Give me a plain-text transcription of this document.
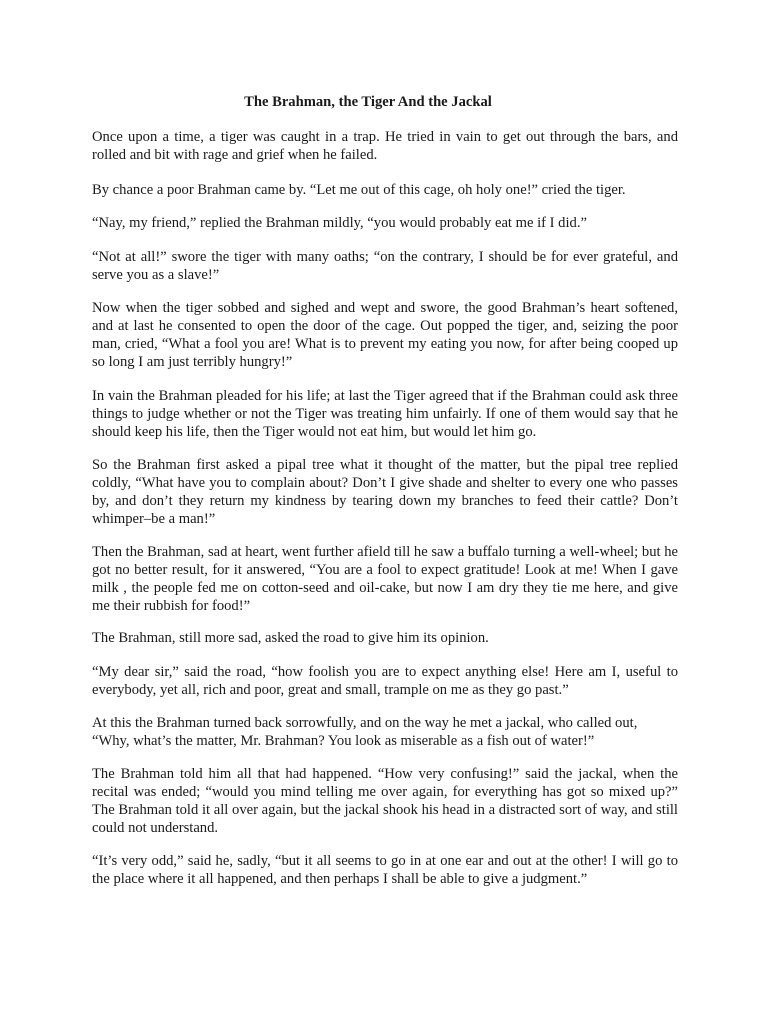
The Brahman, the Tiger And the Jackal

Once upon a time, a tiger was caught in a trap. He tried in vain to get out through the bars, and rolled and bit with rage and grief when he failed.

By chance a poor Brahman came by. “Let me out of this cage, oh holy one!” cried the tiger.

“Nay, my friend,” replied the Brahman mildly, “you would probably eat me if I did.”

“Not at all!” swore the tiger with many oaths; “on the contrary, I should be for ever grateful, and serve you as a slave!”

Now when the tiger sobbed and sighed and wept and swore, the good Brahman’s heart softened, and at last he consented to open the door of the cage. Out popped the tiger, and, seizing the poor man, cried, “What a fool you are! What is to prevent my eating you now, for after being cooped up so long I am just terribly hungry!”

In vain the Brahman pleaded for his life; at last the Tiger agreed that if the Brahman could ask three things to judge whether or not the Tiger was treating him unfairly. If one of them would say that he should keep his life, then the Tiger would not eat him, but would let him go.

So the Brahman first asked a pipal tree what it thought of the matter, but the pipal tree replied coldly, “What have you to complain about? Don’t I give shade and shelter to every one who passes by, and don’t they return my kindness by tearing down my branches to feed their cattle? Don’t whimper–be a man!”

Then the Brahman, sad at heart, went further afield till he saw a buffalo turning a well-wheel; but he got no better result, for it answered, “You are a fool to expect gratitude! Look at me! When I gave milk , the people fed me on cotton-seed and oil-cake, but now I am dry they tie me here, and give me their rubbish for food!”

The Brahman, still more sad, asked the road to give him its opinion.

“My dear sir,” said the road, “how foolish you are to expect anything else! Here am I, useful to everybody, yet all, rich and poor, great and small, trample on me as they go past.”

At this the Brahman turned back sorrowfully, and on the way he met a jackal, who called out, “Why, what’s the matter, Mr. Brahman? You look as miserable as a fish out of water!”

The Brahman told him all that had happened. “How very confusing!” said the jackal, when the recital was ended; “would you mind telling me over again, for everything has got so mixed up?” The Brahman told it all over again, but the jackal shook his head in a distracted sort of way, and still could not understand.

“It’s very odd,” said he, sadly, “but it all seems to go in at one ear and out at the other! I will go to the place where it all happened, and then perhaps I shall be able to give a judgment.”
